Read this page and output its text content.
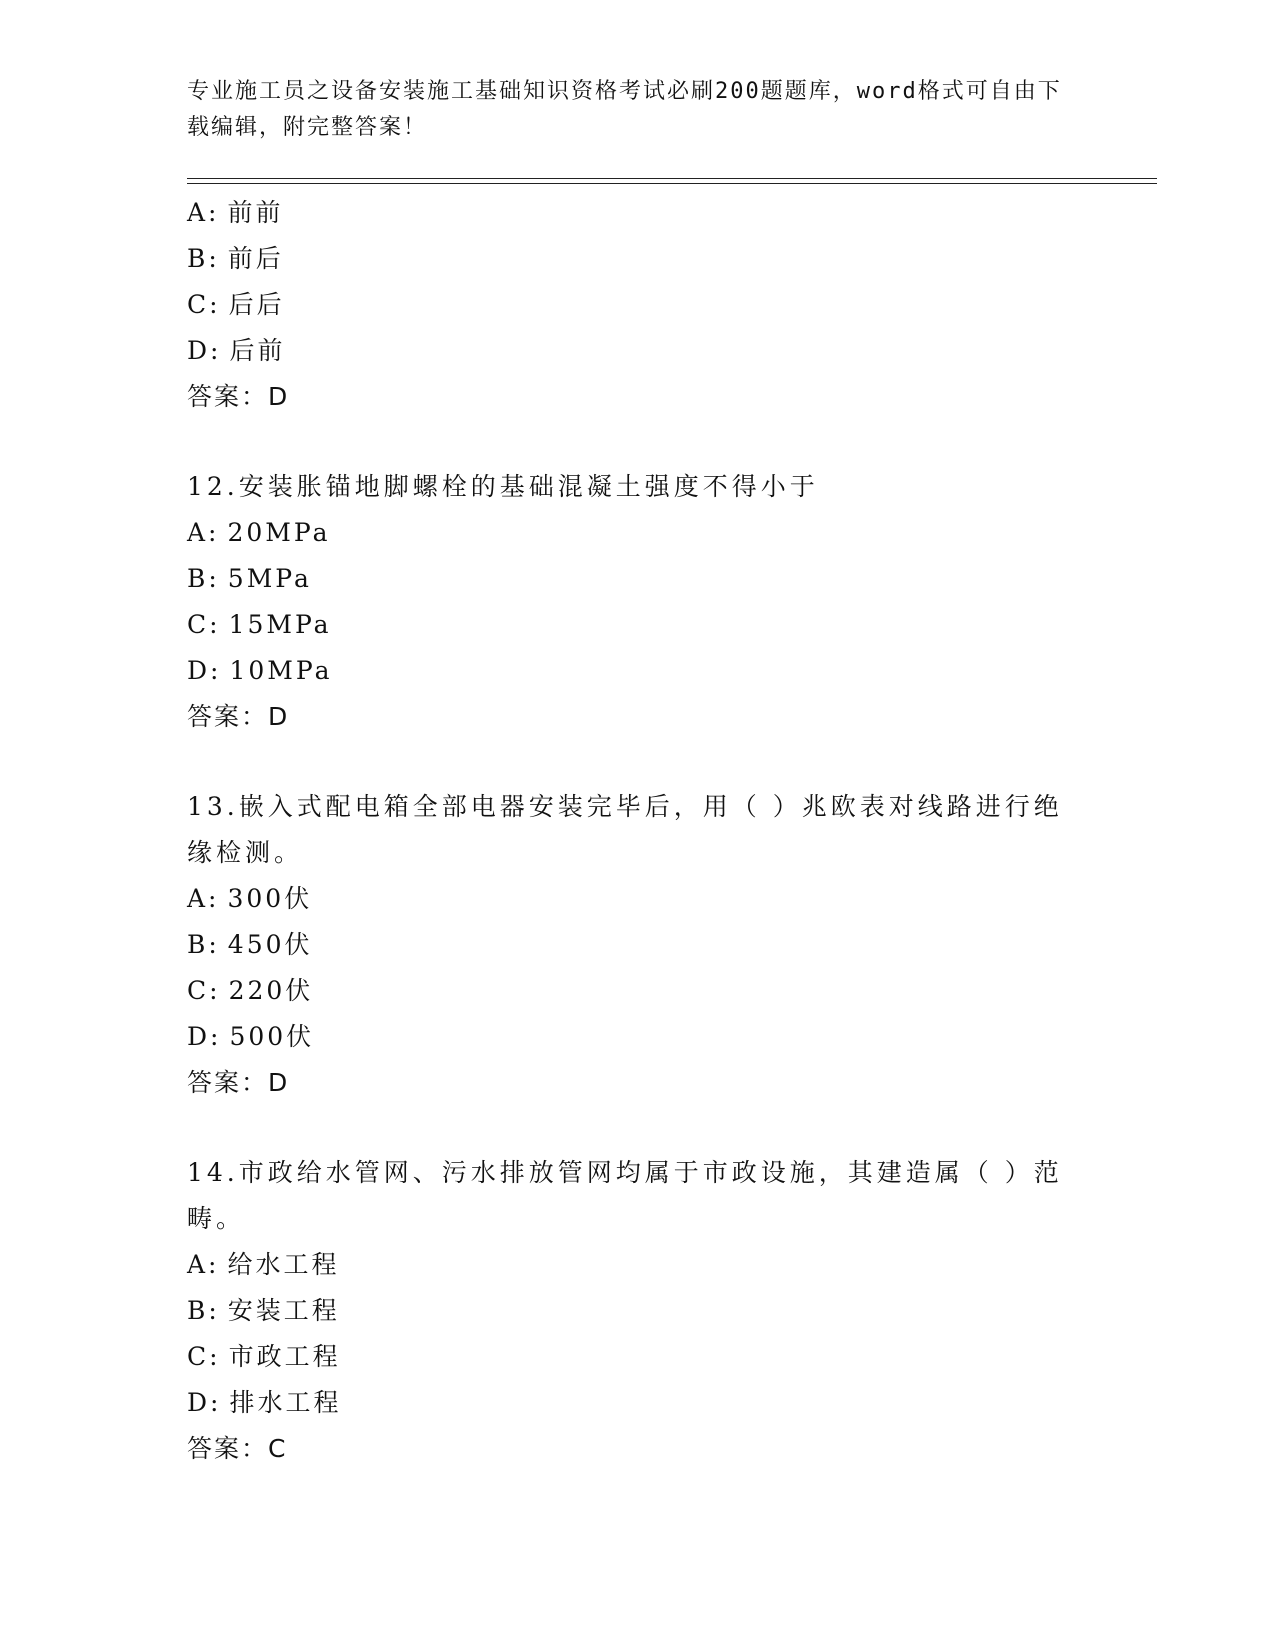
专业施工员之设备安装施工基础知识资格考试必刷200题题库，word格式可自由下载编辑，附完整答案！
A: 前前
B: 前后
C: 后后
D: 后前
答案：D
12.安装胀锚地脚螺栓的基础混凝土强度不得小于
A: 20MPa
B: 5MPa
C: 15MPa
D: 10MPa
答案：D
13.嵌入式配电箱全部电器安装完毕后，用（ ）兆欧表对线路进行绝缘检测。
A: 300伏
B: 450伏
C: 220伏
D: 500伏
答案：D
14.市政给水管网、污水排放管网均属于市政设施，其建造属（ ）范畴。
A: 给水工程
B: 安装工程
C: 市政工程
D: 排水工程
答案：C
